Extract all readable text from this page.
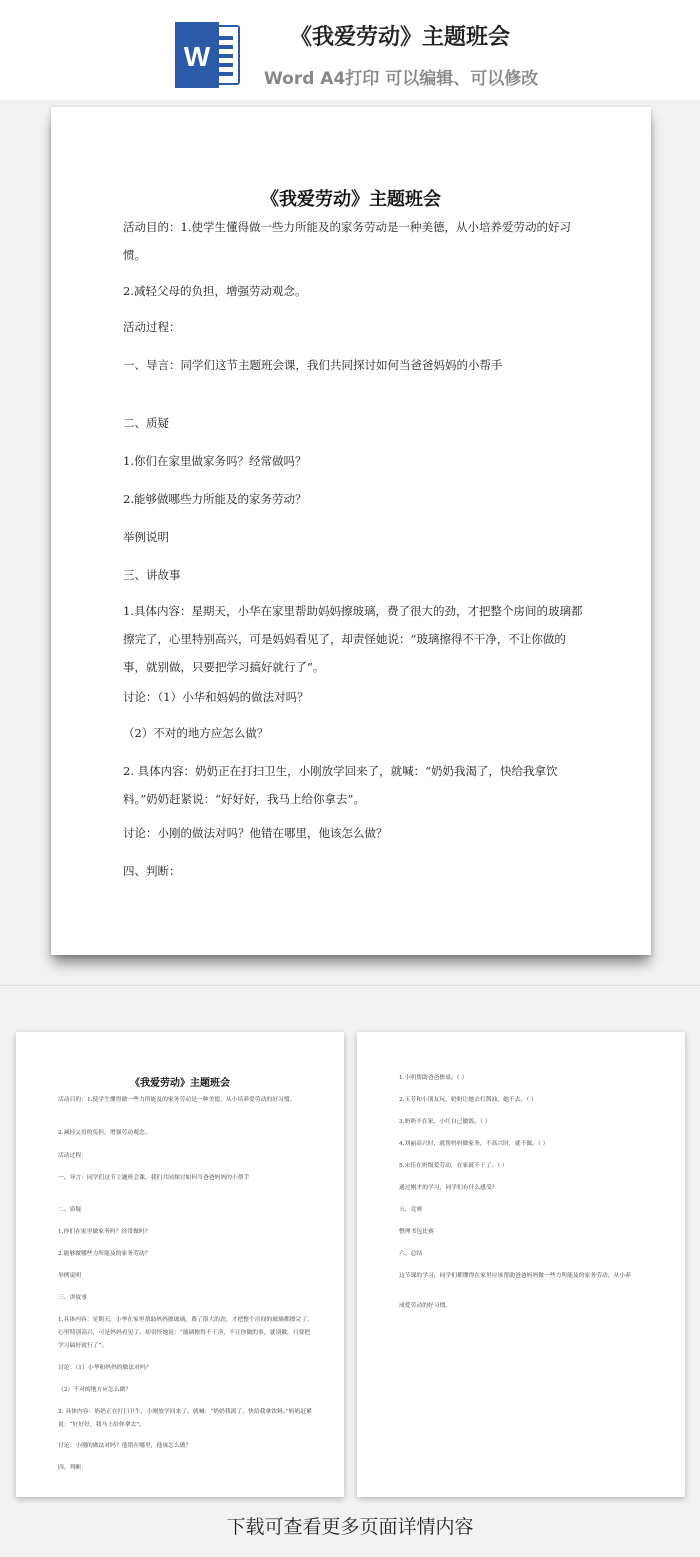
W
《我爱劳动》主题班会
Word A4打印 可以编辑、可以修改
《我爱劳动》主题班会
活动目的：1.使学生懂得做一些力所能及的家务劳动是一种美德，从小培养爱劳动的好习惯。
2.减轻父母的负担，增强劳动观念。
活动过程：
一、导言：同学们这节主题班会课，我们共同探讨如何当爸爸妈妈的小帮手
二、质疑
1.你们在家里做家务吗？经常做吗？
2.能够做哪些力所能及的家务劳动？
举例说明
三、讲故事
1.具体内容：星期天，小华在家里帮助妈妈擦玻璃，费了很大的劲，才把整个房间的玻璃都擦完了，心里特别高兴，可是妈妈看见了，却责怪她说：“玻璃擦得不干净，不让你做的事，就别做，只要把学习搞好就行了”。
讨论：（1）小华和妈妈的做法对吗？
（2）不对的地方应怎么做？
2. 具体内容：奶奶正在打扫卫生，小刚放学回来了，就喊：“奶奶我渴了，快给我拿饮料。”奶奶赶紧说：“好好好，我马上给你拿去”。
讨论：小刚的做法对吗？他错在哪里，他该怎么做？
四、判断：
《我爱劳动》主题班会
活动目的：1.使学生懂得做一些力所能及的家务劳动是一种美德，从小培养爱劳动的好习惯。
2.减轻父母的负担，增强劳动观念。
活动过程：
一、导言：同学们这节主题班会课，我们共同探讨如何当爸爸妈妈的小帮手
二、质疑
1.你们在家里做家务吗？经常做吗？
2.能够做哪些力所能及的家务劳动？
举例说明
三、讲故事
1.具体内容：星期天，小华在家里帮助妈妈擦玻璃，费了很大的劲，才把整个房间的玻璃都擦完了，心里特别高兴，可是妈妈看见了，却责怪她说：“玻璃擦得不干净，不让你做的事，就别做，只要把学习搞好就行了”。
讨论：（1）小华和妈妈的做法对吗？
（2）不对的地方应怎么做？
2. 具体内容：奶奶正在打扫卫生，小刚放学回来了，就喊：“奶奶我渴了，快给我拿饮料。”奶奶赶紧说：“好好好，我马上给你拿去”。
讨论：小刚的做法对吗？他错在哪里，他该怎么做？
四、判断：
1.小明帮助爸爸擦桌。（ ）
2.玉芳和小朋友玩，奶奶让她去打酱油，她不去。（ ）
3.奶奶不在家，小红自己做饭。（ ）
4.刘丽高兴时，就帮妈妈做家务，不高兴时，就不做。（ ）
5.宋佳在班级爱劳动，在家就不干了。（ ）
通过刚才的学习，同学们有什么感受？
五、竞赛
整理书包比赛
六、总结
这节课的学习，同学们都懂得在家里应该帮助爸爸妈妈做一些力所能及的家务劳动，从小养
成爱劳动的好习惯。
下载可查看更多页面详情内容
